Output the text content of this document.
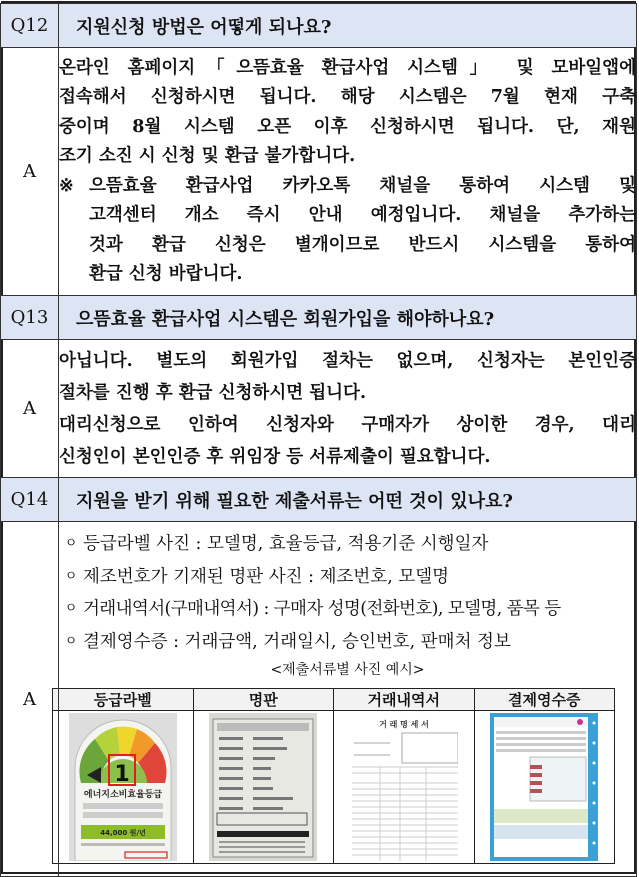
Q12	지원신청 방법은 어떻게 되나요?
A	
온라인 홈페이지「으뜸효율 환급사업 시스템」 및 모바일앱에
접속해서 신청하시면 됩니다. 해당 시스템은 7월 현재 구축
중이며 8월 시스템 오픈 이후 신청하시면 됩니다. 단, 재원
조기 소진 시 신청 및 환급 불가합니다.
※ 으뜸효율 환급사업 카카오톡 채널을 통하여 시스템 및
고객센터 개소 즉시 안내 예정입니다. 채널을 추가하는
것과 환급 신청은 별개이므로 반드시 시스템을 통하여
환급 신청 바랍니다.

Q13	으뜸효율 환급사업 시스템은 회원가입을 해야하나요?
A	
아닙니다. 별도의 회원가입 절차는 없으며, 신청자는 본인인증
절차를 진행 후 환급 신청하시면 됩니다.
대리신청으로 인하여 신청자와 구매자가 상이한 경우, 대리
신청인이 본인인증 후 위임장 등 서류제출이 필요합니다.

Q14	지원을 받기 위해 필요한 제출서류는 어떤 것이 있나요?
A	
ㅇ 등급라벨 사진 : 모델명, 효율등급, 적용기준 시행일자
ㅇ 제조번호가 기재된 명판 사진 : 제조번호, 모델명
ㅇ 거래내역서(구매내역서) : 구매자 성명(전화번호), 모델명, 품목 등
ㅇ 결제영수증 : 거래금액, 거래일시, 승인번호, 판매처 정보
<제출서류별 사진 예시>
등급라벨	명판	거래내역서	결제영수증

1
에너지소비효율등급
44,000 원/년

거 래 명 세 서
